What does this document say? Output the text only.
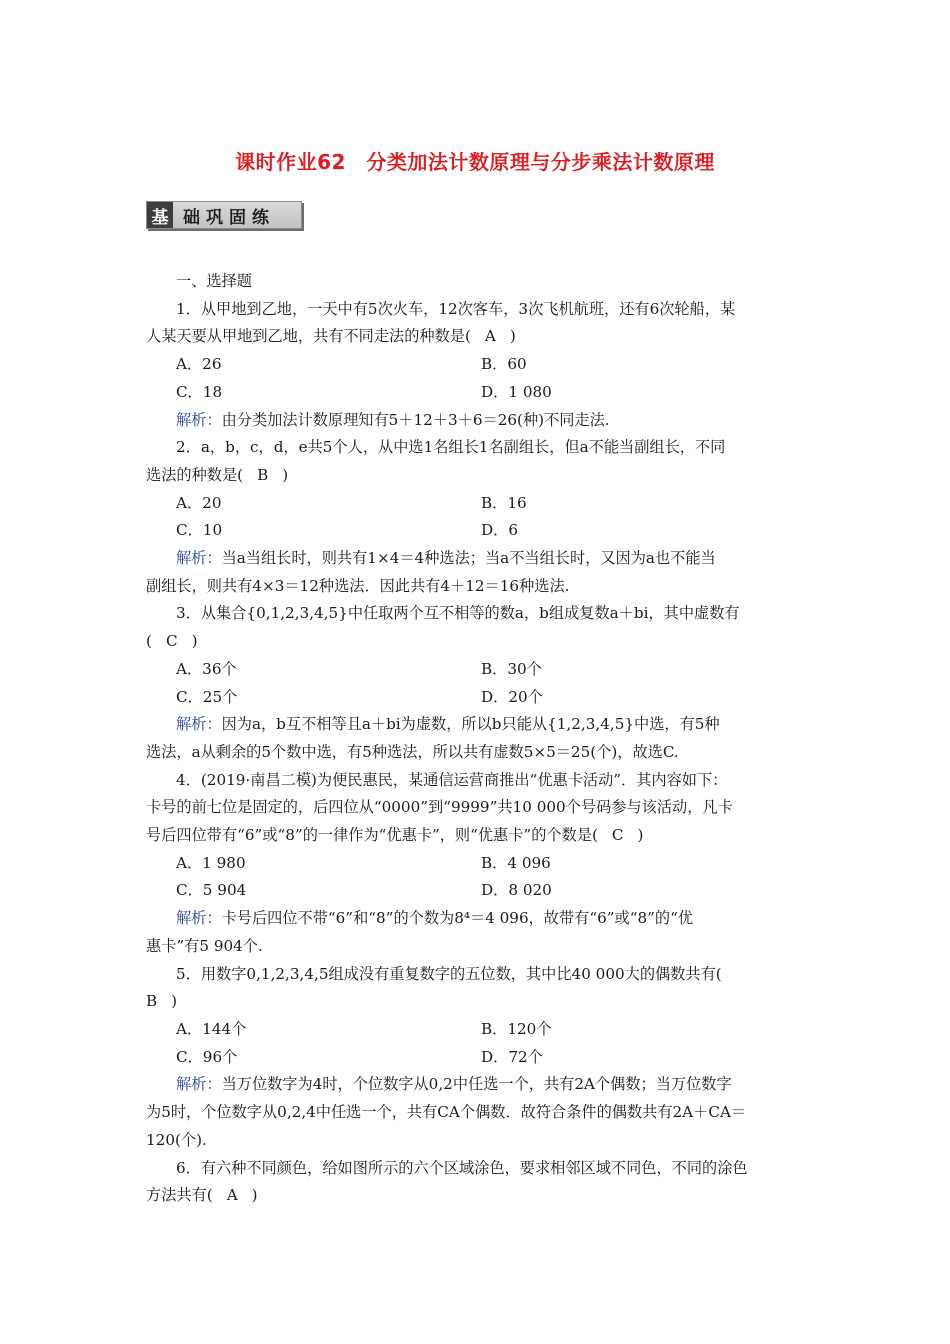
课时作业62　分类加法计数原理与分步乘法计数原理
基 础巩固练
一、选择题
1．从甲地到乙地，一天中有5次火车，12次客车，3次飞机航班，还有6次轮船，某
人某天要从甲地到乙地，共有不同走法的种数是( A )
A．26	B．60
C．18	D．1 080
解析：由分类加法计数原理知有5＋12＋3＋6＝26(种)不同走法.
2．a，b，c，d，e共5个人，从中选1名组长1名副组长，但a不能当副组长，不同
选法的种数是( B )
A．20	B．16
C．10	D．6
解析：当a当组长时，则共有1×4＝4种选法；当a不当组长时，又因为a也不能当
副组长，则共有4×3＝12种选法．因此共有4＋12＝16种选法.
3．从集合{0,1,2,3,4,5}中任取两个互不相等的数a，b组成复数a＋bi，其中虚数有
( C )
A．36个	B．30个
C．25个	D．20个
解析：因为a，b互不相等且a＋bi为虚数，所以b只能从{1,2,3,4,5}中选，有5种
选法，a从剩余的5个数中选，有5种选法，所以共有虚数5×5＝25(个)，故选C.
4．(2019·南昌二模)为便民惠民，某通信运营商推出“优惠卡活动”．其内容如下：
卡号的前七位是固定的，后四位从“0000”到“9999”共10 000个号码参与该活动，凡卡
号后四位带有“6”或“8”的一律作为“优惠卡”，则“优惠卡”的个数是( C )
A．1 980	B．4 096
C．5 904	D．8 020
解析：卡号后四位不带“6”和“8”的个数为8⁴＝4 096，故带有“6”或“8”的“优
惠卡”有5 904个.
5．用数字0,1,2,3,4,5组成没有重复数字的五位数，其中比40 000大的偶数共有(
B )
A．144个	B．120个
C．96个	D．72个
解析：当万位数字为4时，个位数字从0,2中任选一个，共有2A个偶数；当万位数字
为5时，个位数字从0,2,4中任选一个，共有CA个偶数．故符合条件的偶数共有2A＋CA＝
120(个).
6．有六种不同颜色，给如图所示的六个区域涂色，要求相邻区域不同色，不同的涂色
方法共有( A )
